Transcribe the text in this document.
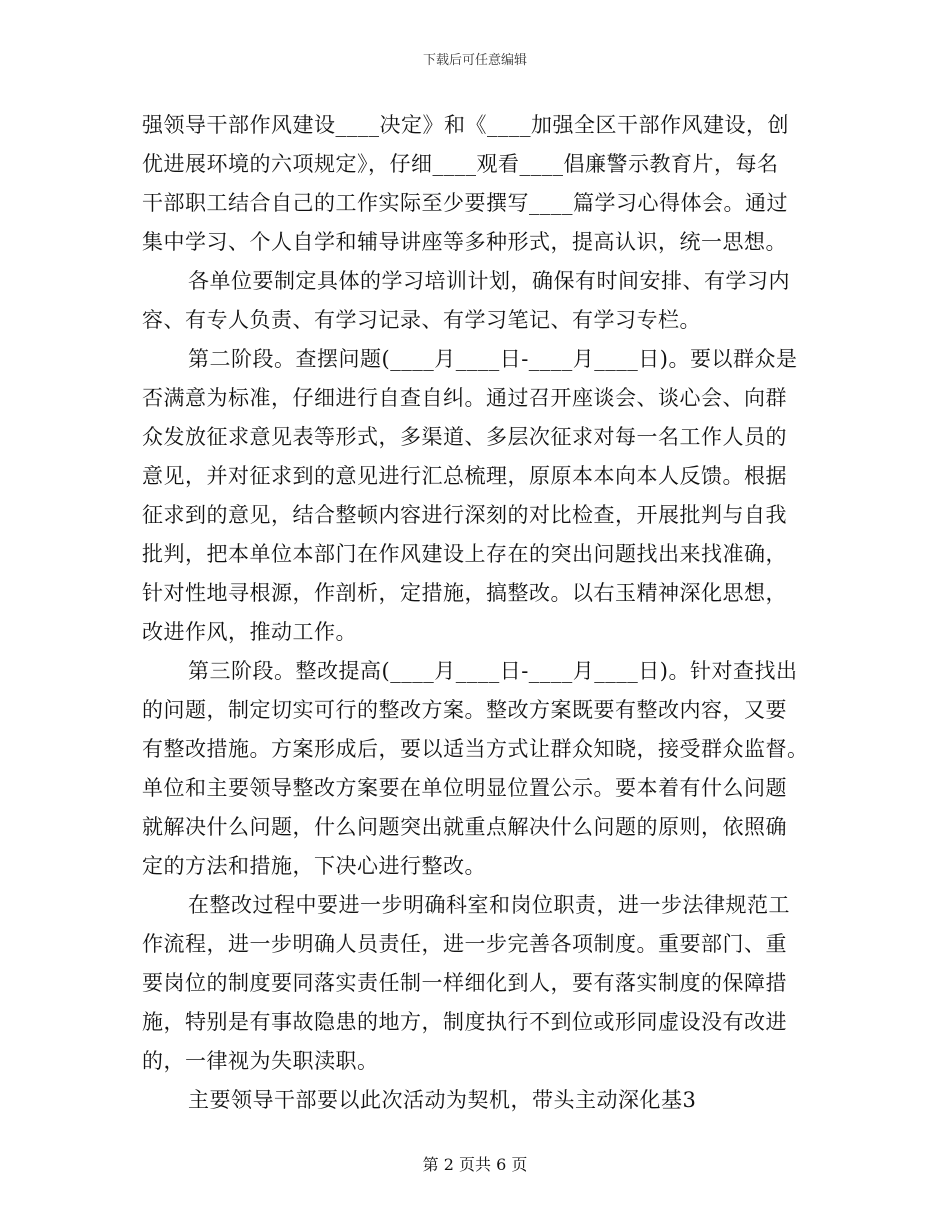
下载后可任意编辑

强领导干部作风建设____决定》和《____加强全区干部作风建设，创

优进展环境的六项规定》，仔细____观看____倡廉警示教育片，每名

干部职工结合自己的工作实际至少要撰写____篇学习心得体会。通过

集中学习、个人自学和辅导讲座等多种形式，提高认识，统一思想。

各单位要制定具体的学习培训计划，确保有时间安排、有学习内

容、有专人负责、有学习记录、有学习笔记、有学习专栏。

第二阶段。查摆问题(____月____日-____月____日)。要以群众是

否满意为标准，仔细进行自查自纠。通过召开座谈会、谈心会、向群

众发放征求意见表等形式，多渠道、多层次征求对每一名工作人员的

意见，并对征求到的意见进行汇总梳理，原原本本向本人反馈。根据

征求到的意见，结合整顿内容进行深刻的对比检查，开展批判与自我

批判，把本单位本部门在作风建设上存在的突出问题找出来找准确，

针对性地寻根源，作剖析，定措施，搞整改。以右玉精神深化思想，

改进作风，推动工作。

第三阶段。整改提高(____月____日-____月____日)。针对查找出

的问题，制定切实可行的整改方案。整改方案既要有整改内容，又要

有整改措施。方案形成后，要以适当方式让群众知晓，接受群众监督。

单位和主要领导整改方案要在单位明显位置公示。要本着有什么问题

就解决什么问题，什么问题突出就重点解决什么问题的原则，依照确

定的方法和措施，下决心进行整改。

在整改过程中要进一步明确科室和岗位职责，进一步法律规范工

作流程，进一步明确人员责任，进一步完善各项制度。重要部门、重

要岗位的制度要同落实责任制一样细化到人，要有落实制度的保障措

施，特别是有事故隐患的地方，制度执行不到位或形同虚设没有改进

的，一律视为失职渎职。

主要领导干部要以此次活动为契机，带头主动深化基3

第 2 页共 6 页
